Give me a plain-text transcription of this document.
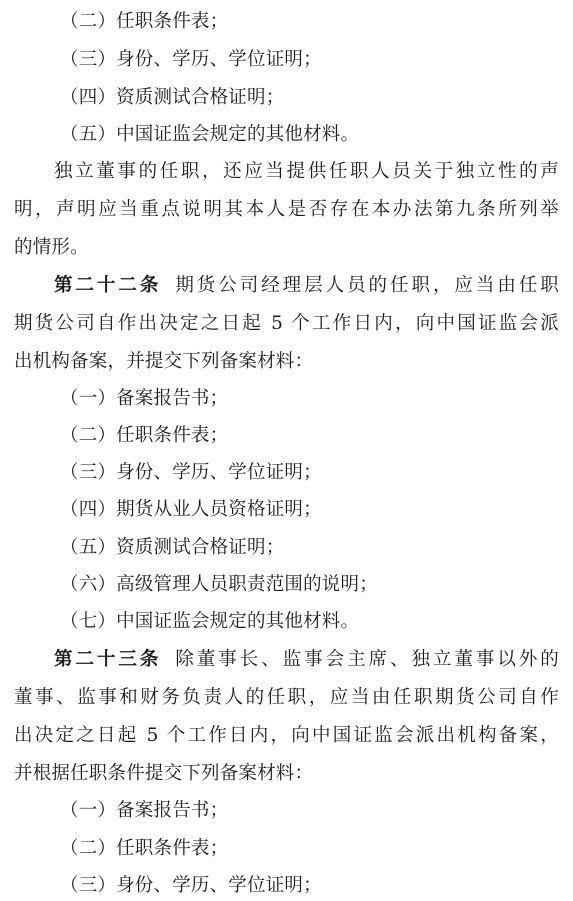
（二）任职条件表；
（三）身份、学历、学位证明；
（四）资质测试合格证明；
（五）中国证监会规定的其他材料。
独立董事的任职，还应当提供任职人员关于独立性的声
明，声明应当重点说明其本人是否存在本办法第九条所列举
的情形。
第二十二条 期货公司经理层人员的任职，应当由任职
期货公司自作出决定之日起 5 个工作日内，向中国证监会派
出机构备案，并提交下列备案材料：
（一）备案报告书；
（二）任职条件表；
（三）身份、学历、学位证明；
（四）期货从业人员资格证明；
（五）资质测试合格证明；
（六）高级管理人员职责范围的说明；
（七）中国证监会规定的其他材料。
第二十三条 除董事长、监事会主席、独立董事以外的
董事、监事和财务负责人的任职，应当由任职期货公司自作
出决定之日起 5 个工作日内，向中国证监会派出机构备案，
并根据任职条件提交下列备案材料：
（一）备案报告书；
（二）任职条件表；
（三）身份、学历、学位证明；
